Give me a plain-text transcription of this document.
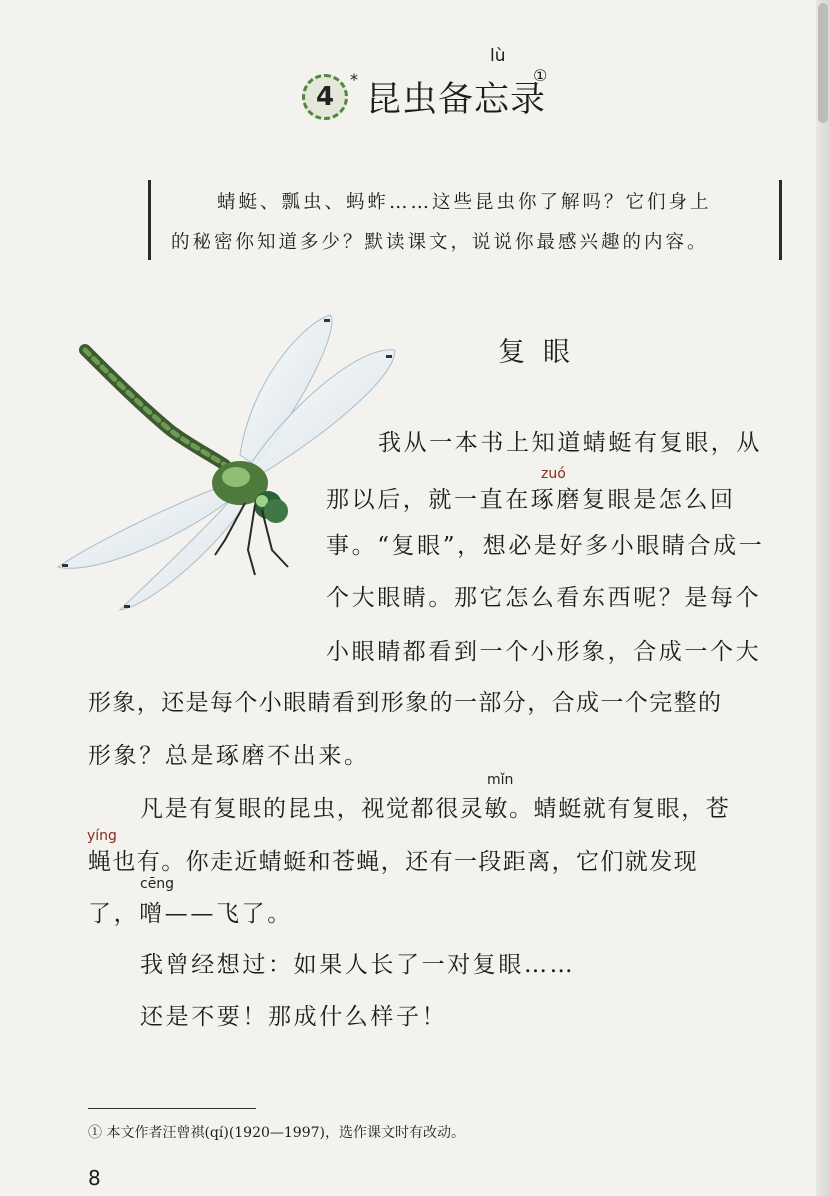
4
*
昆虫备忘录
lù
①
蜻蜓、瓢虫、蚂蚱……这些昆虫你了解吗？它们身上
的秘密你知道多少？默读课文，说说你最感兴趣的内容。
复眼
zuó
mǐn
yíng
cēng
我从一本书上知道蜻蜓有复眼，从
那以后，就一直在琢磨复眼是怎么回
事。“复眼”，想必是好多小眼睛合成一
个大眼睛。那它怎么看东西呢？是每个
小眼睛都看到一个小形象，合成一个大
形象，还是每个小眼睛看到形象的一部分，合成一个完整的
形象？总是琢磨不出来。
凡是有复眼的昆虫，视觉都很灵敏。蜻蜓就有复眼，苍
蝇也有。你走近蜻蜓和苍蝇，还有一段距离，它们就发现
了，噌——飞了。
我曾经想过：如果人长了一对复眼……
还是不要！那成什么样子！
① 本文作者汪曾祺(qí)(1920—1997)，选作课文时有改动。
8
